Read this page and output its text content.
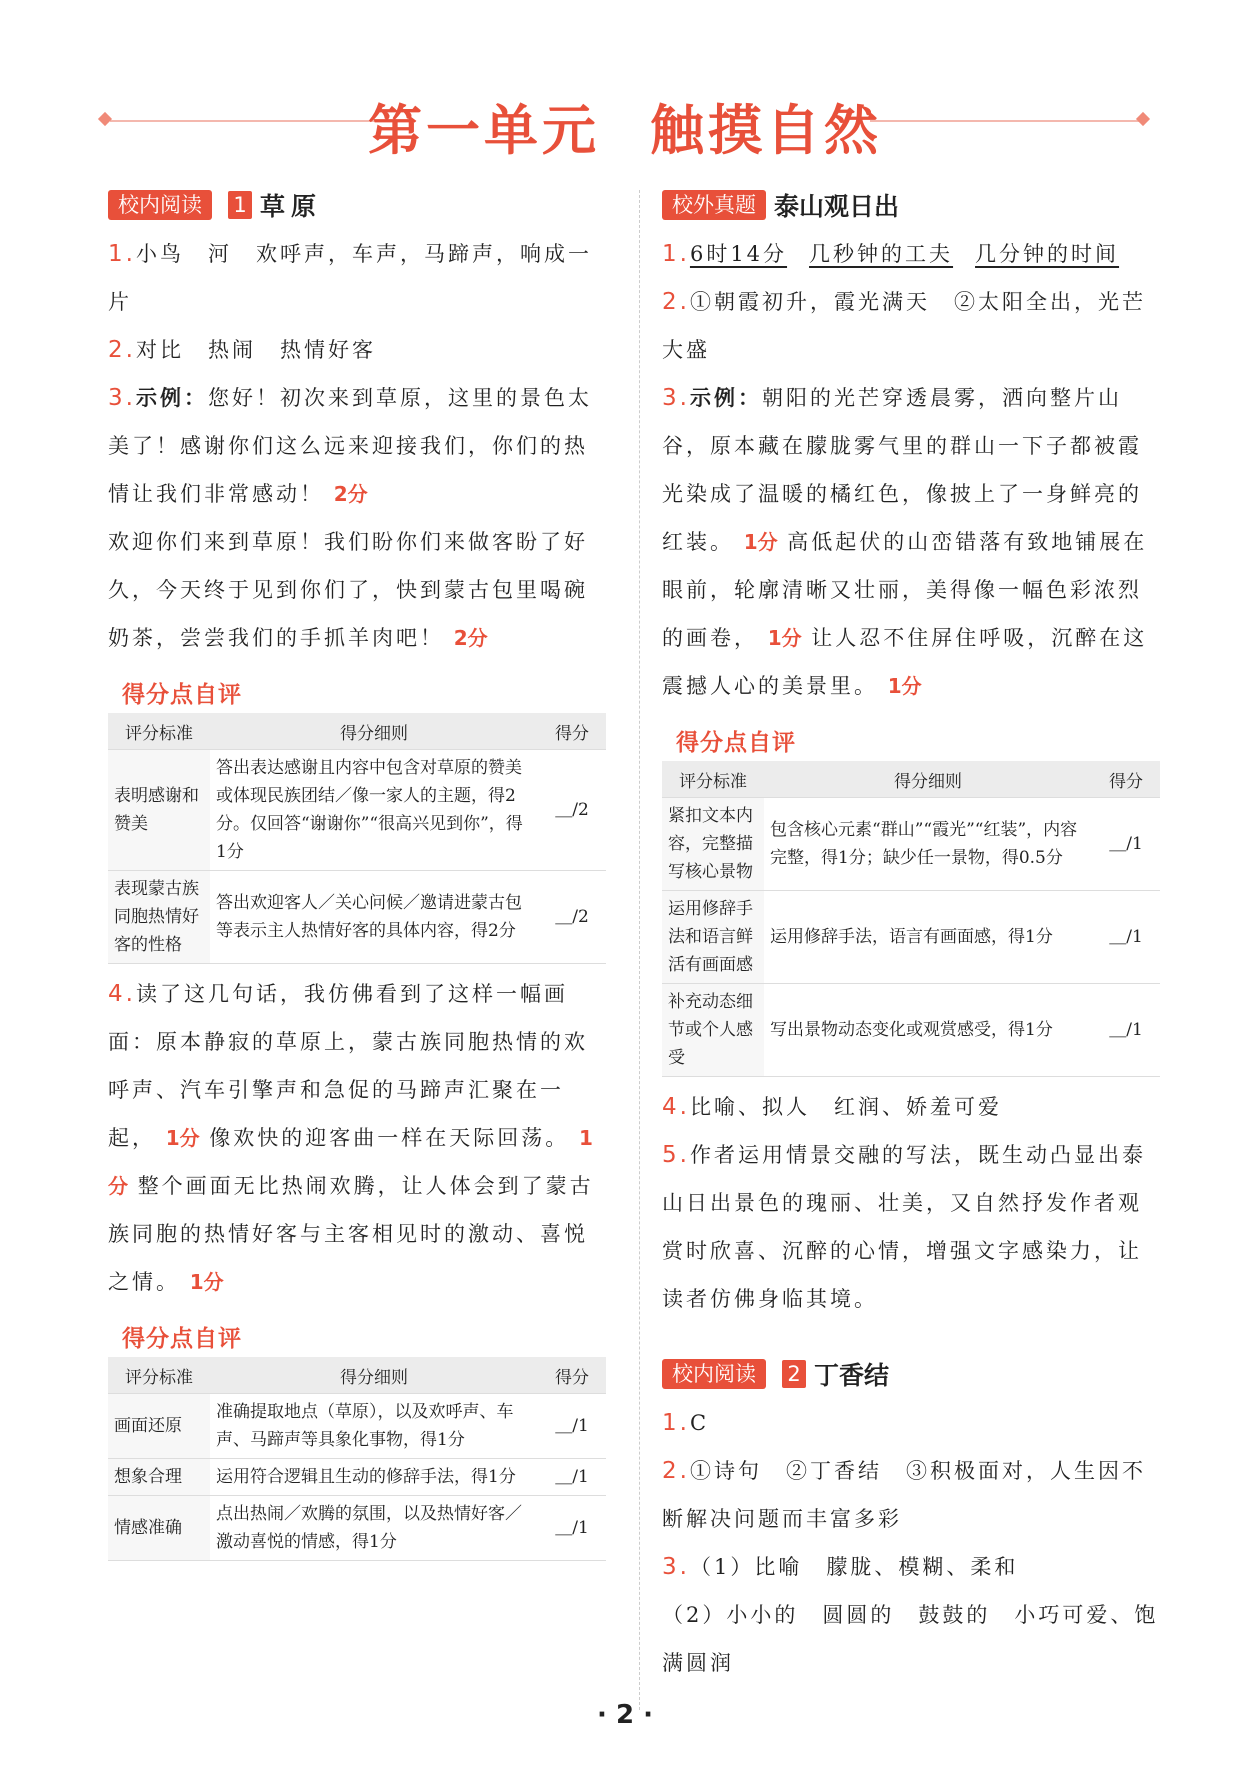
第一单元 触摸自然
校内阅读	1 草原

1.小鸟　河　欢呼声，车声，马蹄声，响成一片

2.对比　热闹　热情好客

3.示例：您好！初次来到草原，这里的景色太美了！感谢你们这么远来迎接我们，你们的热情让我们非常感动！ 2分

欢迎你们来到草原！我们盼你们来做客盼了好久，今天终于见到你们了，快到蒙古包里喝碗奶茶，尝尝我们的手抓羊肉吧！ 2分

得分点自评
评分标准	得分细则	得分
表明感谢和赞美	答出表达感谢且内容中包含对草原的赞美或体现民族团结／像一家人的主题，得2分。仅回答“谢谢你”“很高兴见到你”，得1分	＿/2
表现蒙古族同胞热情好客的性格	答出欢迎客人／关心问候／邀请进蒙古包等表示主人热情好客的具体内容，得2分	＿/2

4.读了这几句话，我仿佛看到了这样一幅画面：原本静寂的草原上，蒙古族同胞热情的欢呼声、汽车引擎声和急促的马蹄声汇聚在一起， 1分 像欢快的迎客曲一样在天际回荡。 1分 整个画面无比热闹欢腾，让人体会到了蒙古族同胞的热情好客与主客相见时的激动、喜悦之情。 1分

得分点自评
评分标准	得分细则	得分
画面还原	准确提取地点（草原），以及欢呼声、车声、马蹄声等具象化事物，得1分	＿/1
想象合理	运用符合逻辑且生动的修辞手法，得1分	＿/1
情感准确	点出热闹／欢腾的氛围，以及热情好客／激动喜悦的情感，得1分	＿/1
校外真题 泰山观日出

1.6时14分 几秒钟的工夫 几分钟的时间

2.①朝霞初升，霞光满天　②太阳全出，光芒大盛

3.示例：朝阳的光芒穿透晨雾，洒向整片山谷，原本藏在朦胧雾气里的群山一下子都被霞光染成了温暖的橘红色，像披上了一身鲜亮的红装。 1分 高低起伏的山峦错落有致地铺展在眼前，轮廓清晰又壮丽，美得像一幅色彩浓烈的画卷， 1分 让人忍不住屏住呼吸，沉醉在这震撼人心的美景里。 1分

得分点自评
评分标准	得分细则	得分
紧扣文本内容，完整描写核心景物	包含核心元素“群山”“霞光”“红装”，内容完整，得1分；缺少任一景物，得0.5分	＿/1
运用修辞手法和语言鲜活有画面感	运用修辞手法，语言有画面感，得1分	＿/1
补充动态细节或个人感受	写出景物动态变化或观赏感受，得1分	＿/1

4.比喻、拟人　红润、娇羞可爱

5.作者运用情景交融的写法，既生动凸显出泰山日出景色的瑰丽、壮美，又自然抒发作者观赏时欣喜、沉醉的心情，增强文字感染力，让读者仿佛身临其境。

校内阅读	2 丁香结

1.C

2.①诗句　②丁香结　③积极面对，人生因不断解决问题而丰富多彩

3.（1）比喻　朦胧、模糊、柔和

（2）小小的　圆圆的　鼓鼓的　小巧可爱、饱满圆润

· 2 ·
